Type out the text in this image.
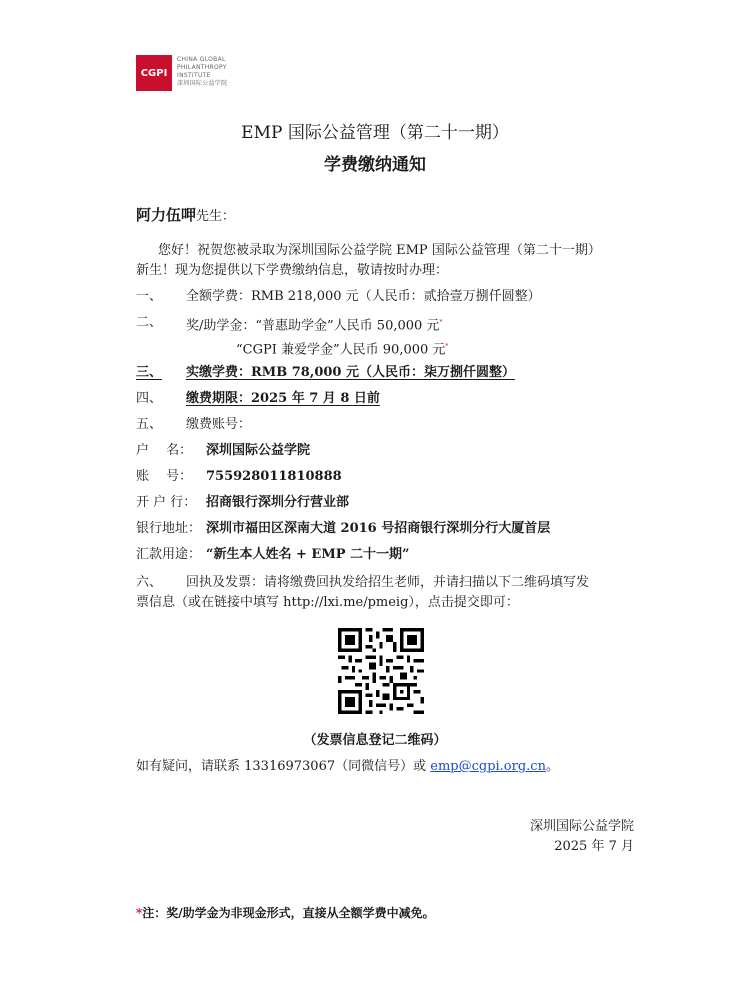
CGPI
CHINA GLOBAL
PHILANTHROPY
INSTITUTE
深圳国际公益学院
EMP 国际公益管理（第二十一期）
学费缴纳通知
阿力伍呷先生：
您好！祝贺您被录取为深圳国际公益学院 EMP 国际公益管理（第二十一期）
新生！现为您提供以下学费缴纳信息，敬请按时办理：
一、 全额学费：RMB 218,000 元（人民币：贰拾壹万捌仟圆整）
二、 奖/助学金：“普惠助学金”人民币 50,000 元*
“CGPI 兼爱学金”人民币 90,000 元*
三、 实缴学费：RMB 78,000 元（人民币：柒万捌仟圆整）
四、 缴费期限：2025 年 7 月 8 日前
五、 缴费账号：
户　 名： 深圳国际公益学院
账　 号： 755928011810888
开 户 行： 招商银行深圳分行营业部
银行地址： 深圳市福田区深南大道 2016 号招商银行深圳分行大厦首层
汇款用途： “新生本人姓名 + EMP 二十一期”
六、 回执及发票：请将缴费回执发给招生老师，并请扫描以下二维码填写发
票信息（或在链接中填写 http://lxi.me/pmeig），点击提交即可：
（发票信息登记二维码）
如有疑问，请联系 13316973067（同微信号）或 emp@cgpi.org.cn。
深圳国际公益学院
2025 年 7 月
*注：奖/助学金为非现金形式，直接从全额学费中减免。
